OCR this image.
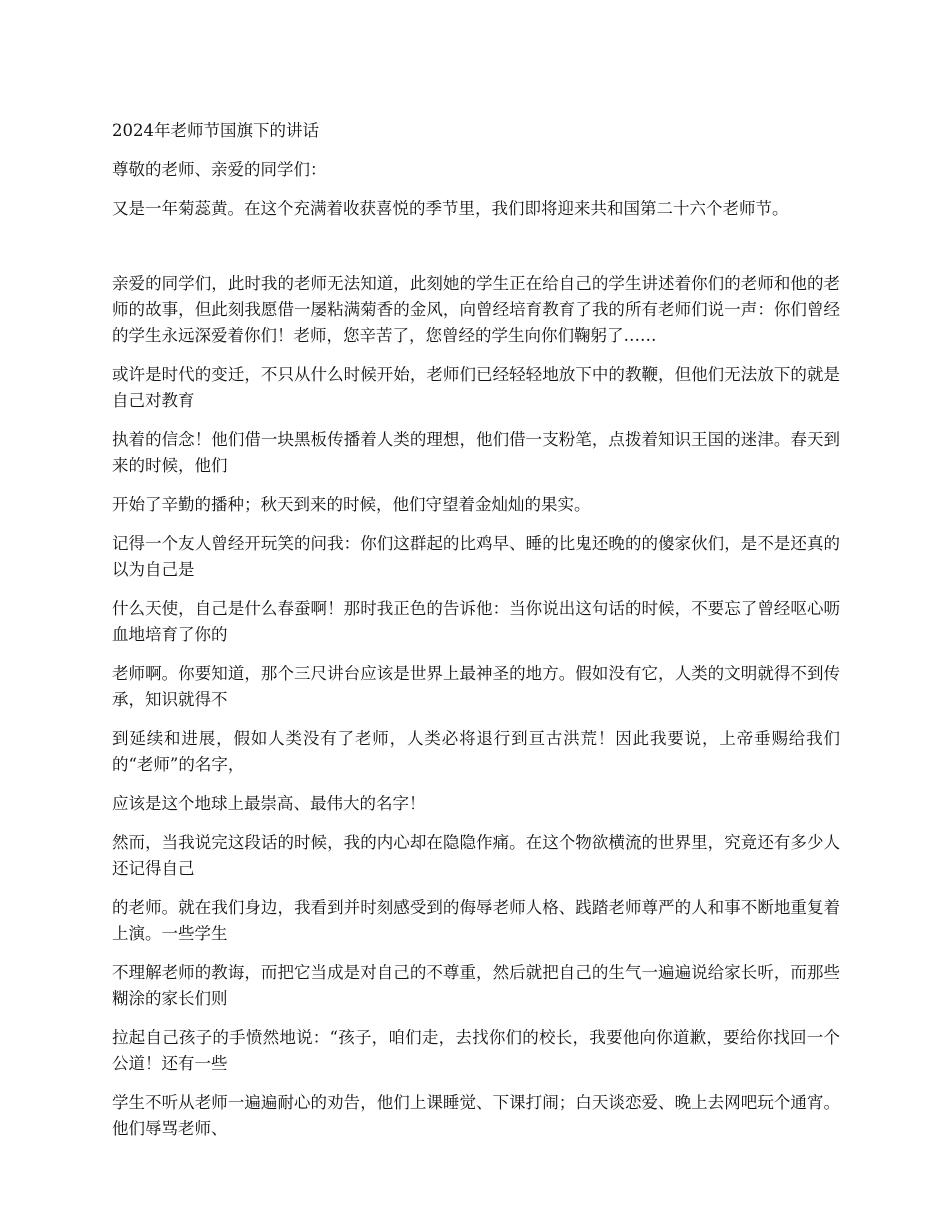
2024年老师节国旗下的讲话

尊敬的老师、亲爱的同学们：

又是一年菊蕊黄。在这个充满着收获喜悦的季节里，我们即将迎来共和国第二十六个老师节。

亲爱的同学们，此时我的老师无法知道，此刻她的学生正在给自己的学生讲述着你们的老师和他的老师的故事，但此刻我愿借一屡粘满菊香的金风，向曾经培育教育了我的所有老师们说一声：你们曾经的学生永远深爱着你们！老师，您辛苦了，您曾经的学生向你们鞠躬了……

或许是时代的变迁，不只从什么时候开始，老师们已经轻轻地放下中的教鞭，但他们无法放下的就是自己对教育

执着的信念！他们借一块黑板传播着人类的理想，他们借一支粉笔，点拨着知识王国的迷津。春天到来的时候，他们

开始了辛勤的播种；秋天到来的时候，他们守望着金灿灿的果实。

记得一个友人曾经开玩笑的问我：你们这群起的比鸡早、睡的比鬼还晚的的傻家伙们，是不是还真的以为自己是

什么天使，自己是什么春蚕啊！那时我正色的告诉他：当你说出这句话的时候，不要忘了曾经呕心呖血地培育了你的

老师啊。你要知道，那个三尺讲台应该是世界上最神圣的地方。假如没有它，人类的文明就得不到传承，知识就得不

到延续和进展，假如人类没有了老师，人类必将退行到亘古洪荒！因此我要说，上帝垂赐给我们的“老师”的名字，

应该是这个地球上最崇高、最伟大的名字！

然而，当我说完这段话的时候，我的内心却在隐隐作痛。在这个物欲横流的世界里，究竟还有多少人还记得自己

的老师。就在我们身边，我看到并时刻感受到的侮辱老师人格、践踏老师尊严的人和事不断地重复着上演。一些学生

不理解老师的教诲，而把它当成是对自己的不尊重，然后就把自己的生气一遍遍说给家长听，而那些糊涂的家长们则

拉起自己孩子的手愤然地说：“孩子，咱们走，去找你们的校长，我要他向你道歉，要给你找回一个公道！还有一些

学生不听从老师一遍遍耐心的劝告，他们上课睡觉、下课打闹；白天谈恋爱、晚上去网吧玩个通宵。他们辱骂老师、
